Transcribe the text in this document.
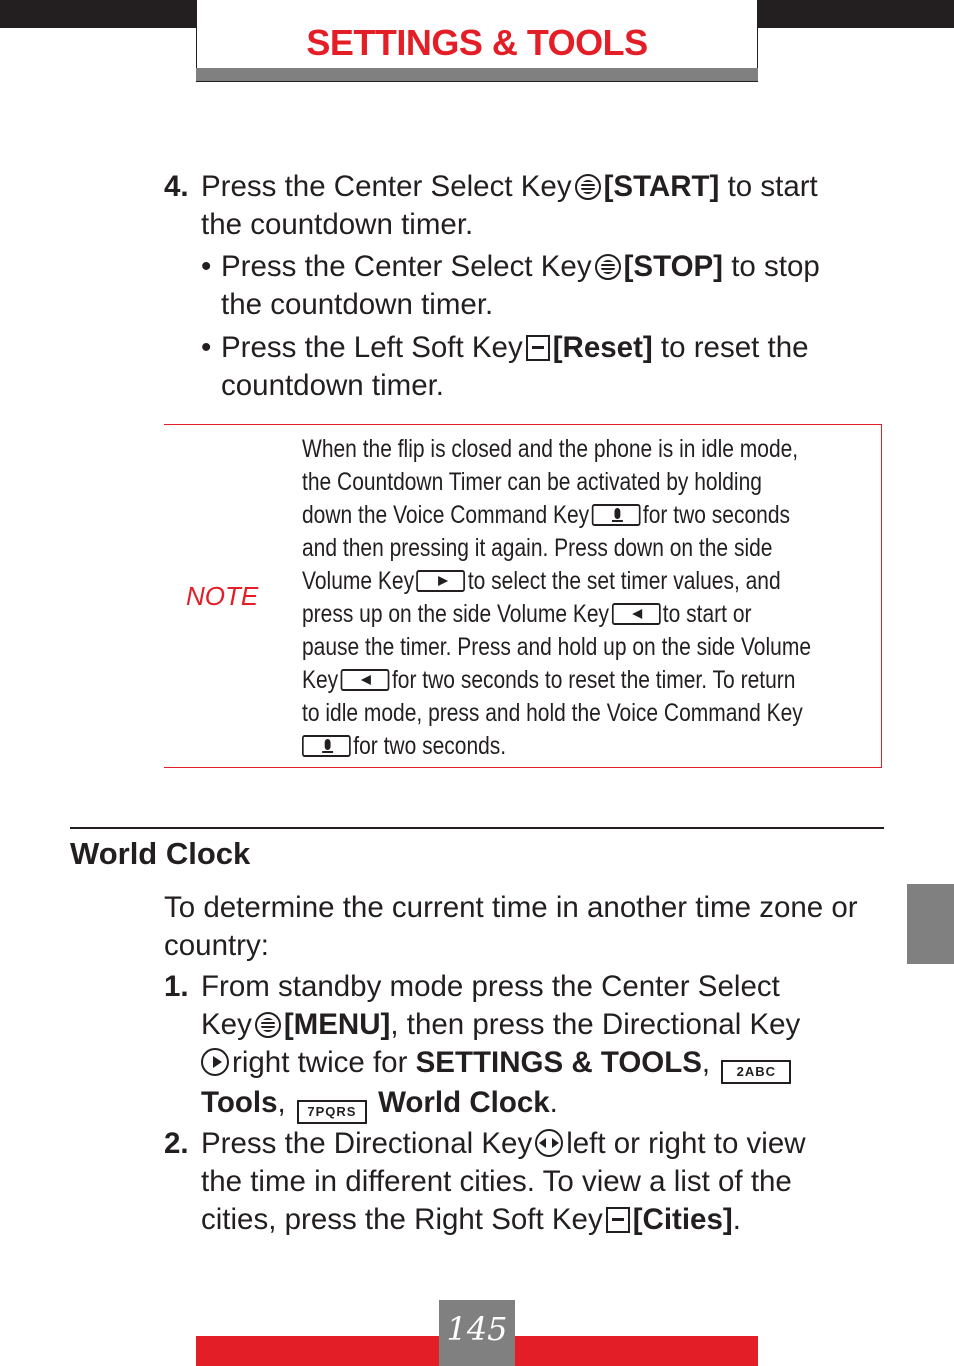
SETTINGS & TOOLS
4. Press the Center Select Key [START] to start
the countdown timer.
• Press the Center Select Key [STOP] to stop
the countdown timer.
• Press the Left Soft Key [Reset] to reset the
countdown timer.
NOTE
When the flip is closed and the phone is in idle mode,
the Countdown Timer can be activated by holding
down the Voice Command Key for two seconds
and then pressing it again. Press down on the side
Volume Key to select the set timer values, and
press up on the side Volume Key to start or
pause the timer. Press and hold up on the side Volume
Key for two seconds to reset the timer. To return
to idle mode, press and hold the Voice Command Key
for two seconds.
World Clock
To determine the current time in another time zone or country:
1. From standby mode press the Center Select
Key [MENU], then press the Directional Key
right twice for SETTINGS & TOOLS, 2ABC
Tools, 7PQRS World Clock.
2. Press the Directional Key left or right to view
the time in different cities. To view a list of the
cities, press the Right Soft Key [Cities].
145
